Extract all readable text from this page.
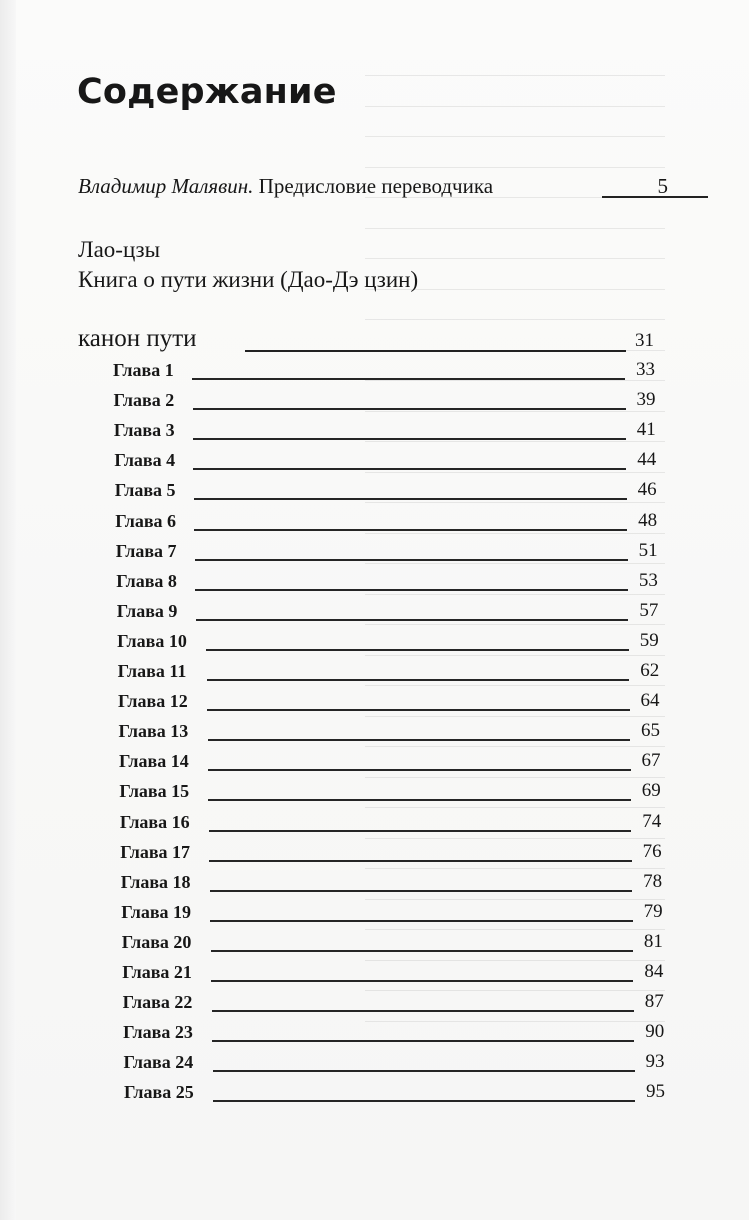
Содержание
Владимир Малявин. Предисловие переводчика	5
Лао-цзы
Книга о пути жизни (Дао-Дэ цзин)
канон пути	31
Глава 1	33
Глава 2	39
Глава 3	41
Глава 4	44
Глава 5	46
Глава 6	48
Глава 7	51
Глава 8	53
Глава 9	57
Глава 10	59
Глава 11	62
Глава 12	64
Глава 13	65
Глава 14	67
Глава 15	69
Глава 16	74
Глава 17	76
Глава 18	78
Глава 19	79
Глава 20	81
Глава 21	84
Глава 22	87
Глава 23	90
Глава 24	93
Глава 25	95
